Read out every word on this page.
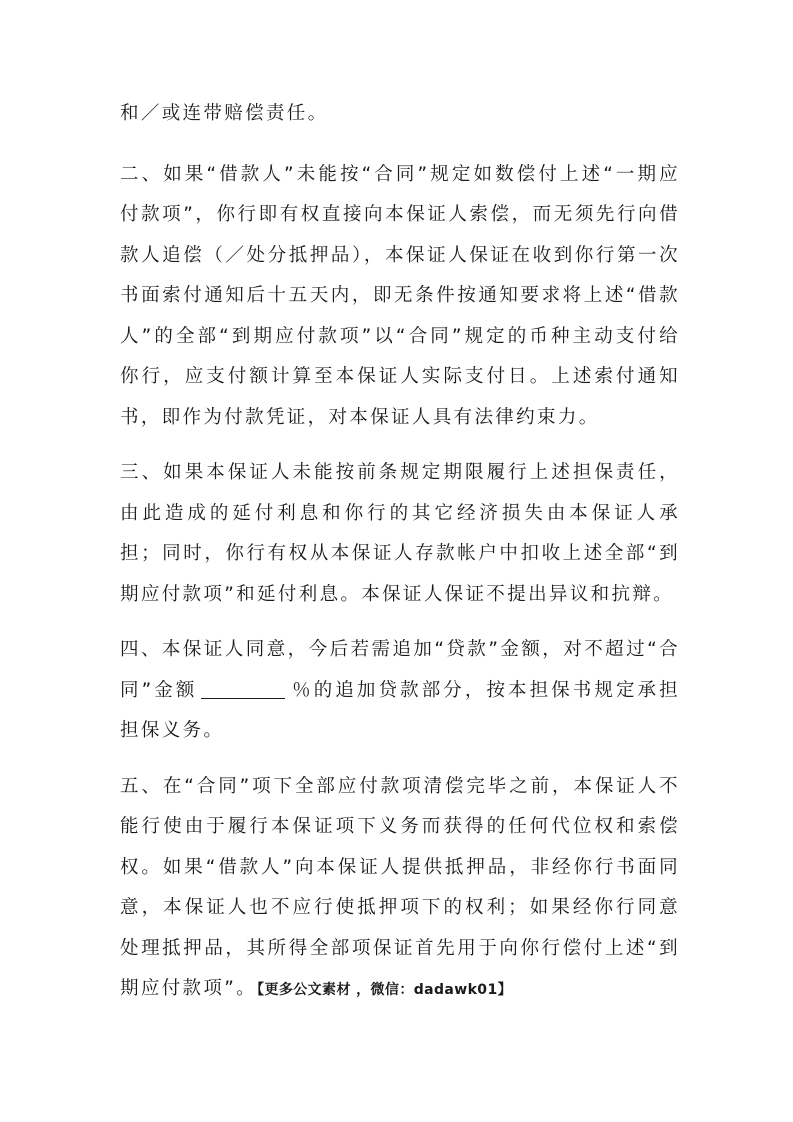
和／或连带赔偿责任。

二、如果“借款人”未能按“合同”规定如数偿付上述“一期应付款项”，你行即有权直接向本保证人索偿，而无须先行向借款人追偿（／处分抵押品），本保证人保证在收到你行第一次书面索付通知后十五天内，即无条件按通知要求将上述“借款人”的全部“到期应付款项”以“合同”规定的币种主动支付给你行，应支付额计算至本保证人实际支付日。上述索付通知书，即作为付款凭证，对本保证人具有法律约束力。

三、如果本保证人未能按前条规定期限履行上述担保责任，由此造成的延付利息和你行的其它经济损失由本保证人承担；同时，你行有权从本保证人存款帐户中扣收上述全部“到期应付款项”和延付利息。本保证人保证不提出异议和抗辩。

四、本保证人同意，今后若需追加“贷款”金额，对不超过“合同”金额	％的追加贷款部分，按本担保书规定承担担保义务。

五、在“合同”项下全部应付款项清偿完毕之前，本保证人不能行使由于履行本保证项下义务而获得的任何代位权和索偿权。如果“借款人”向本保证人提供抵押品，非经你行书面同意，本保证人也不应行使抵押项下的权利；如果经你行同意处理抵押品，其所得全部项保证首先用于向你行偿付上述“到期应付款项”。【更多公文素材 ，微信：dadawk01】
